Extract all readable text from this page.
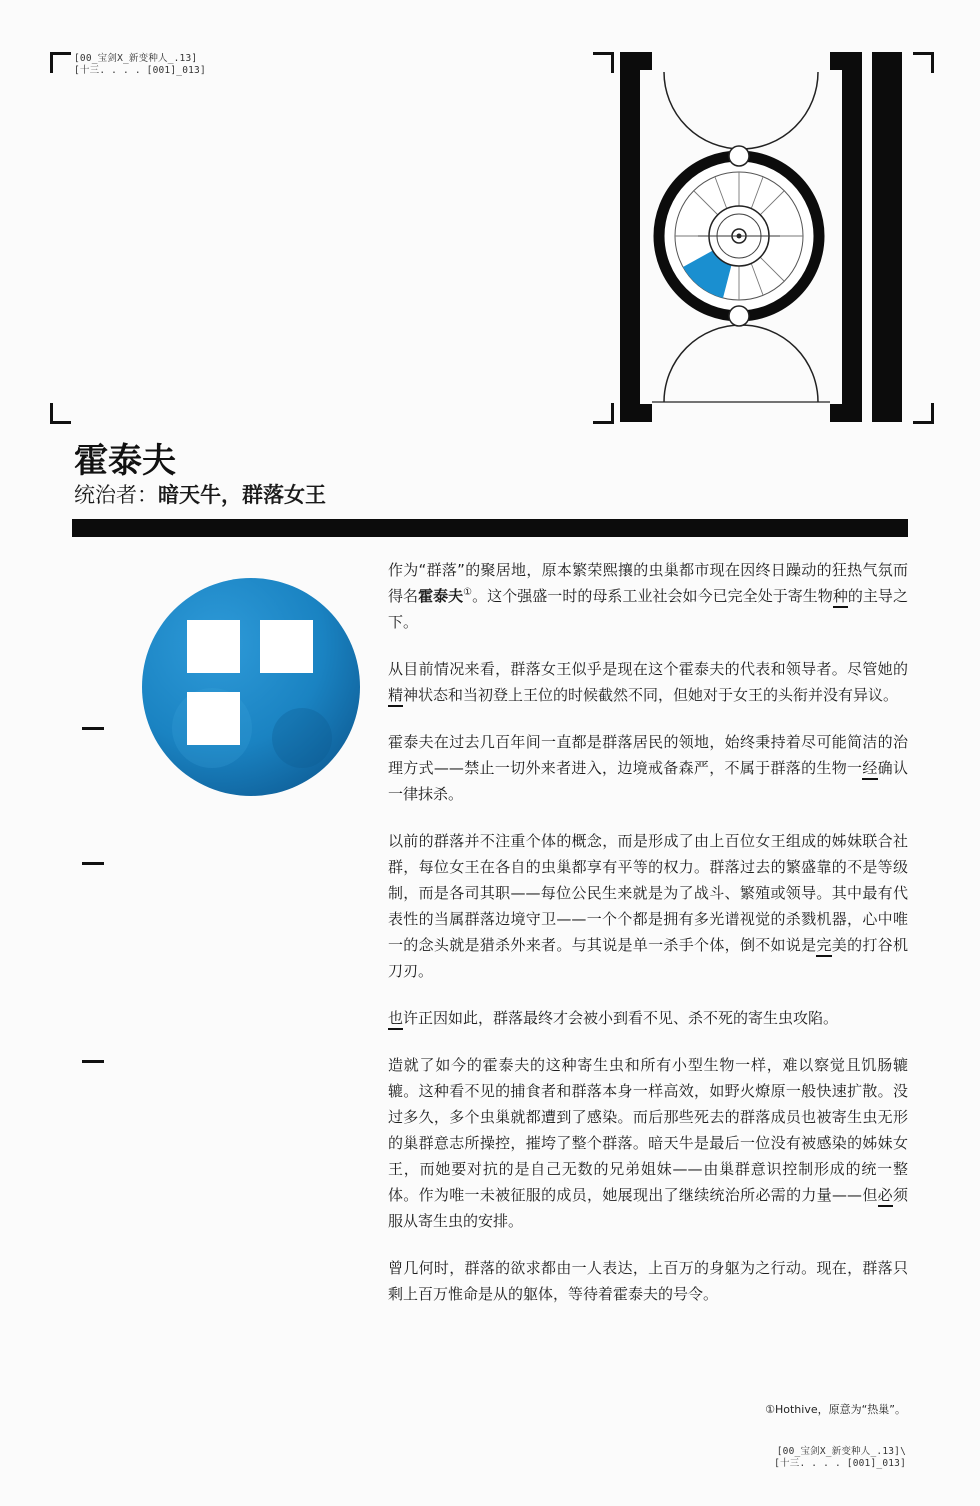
[00_宝剑X_新变种人_.13]
[十三. . . . [001]_013]
霍泰夫
统治者：暗天牛，群落女王

作为“群落”的聚居地，原本繁荣熙攘的虫巢都市现在因终日躁动的狂热气氛而得名霍泰夫①。这个强盛一时的母系工业社会如今已完全处于寄生物种的主导之下。

从目前情况来看，群落女王似乎是现在这个霍泰夫的代表和领导者。尽管她的精神状态和当初登上王位的时候截然不同，但她对于女王的头衔并没有异议。

霍泰夫在过去几百年间一直都是群落居民的领地，始终秉持着尽可能简洁的治理方式——禁止一切外来者进入，边境戒备森严，不属于群落的生物一经确认一律抹杀。

以前的群落并不注重个体的概念，而是形成了由上百位女王组成的姊妹联合社群，每位女王在各自的虫巢都享有平等的权力。群落过去的繁盛靠的不是等级制，而是各司其职——每位公民生来就是为了战斗、繁殖或领导。其中最有代表性的当属群落边境守卫——一个个都是拥有多光谱视觉的杀戮机器，心中唯一的念头就是猎杀外来者。与其说是单一杀手个体，倒不如说是完美的打谷机刀刃。

也许正因如此，群落最终才会被小到看不见、杀不死的寄生虫攻陷。

造就了如今的霍泰夫的这种寄生虫和所有小型生物一样，难以察觉且饥肠辘辘。这种看不见的捕食者和群落本身一样高效，如野火燎原一般快速扩散。没过多久，多个虫巢就都遭到了感染。而后那些死去的群落成员也被寄生虫无形的巢群意志所操控，摧垮了整个群落。暗天牛是最后一位没有被感染的姊妹女王，而她要对抗的是自己无数的兄弟姐妹——由巢群意识控制形成的统一整体。作为唯一未被征服的成员，她展现出了继续统治所必需的力量——但必须服从寄生虫的安排。

曾几何时，群落的欲求都由一人表达，上百万的身躯为之行动。现在，群落只剩上百万惟命是从的躯体，等待着霍泰夫的号令。

①Hothive，原意为“热巢”。
[00_宝剑X_新变种人_.13]\
[十三. . . . [001]_013]
